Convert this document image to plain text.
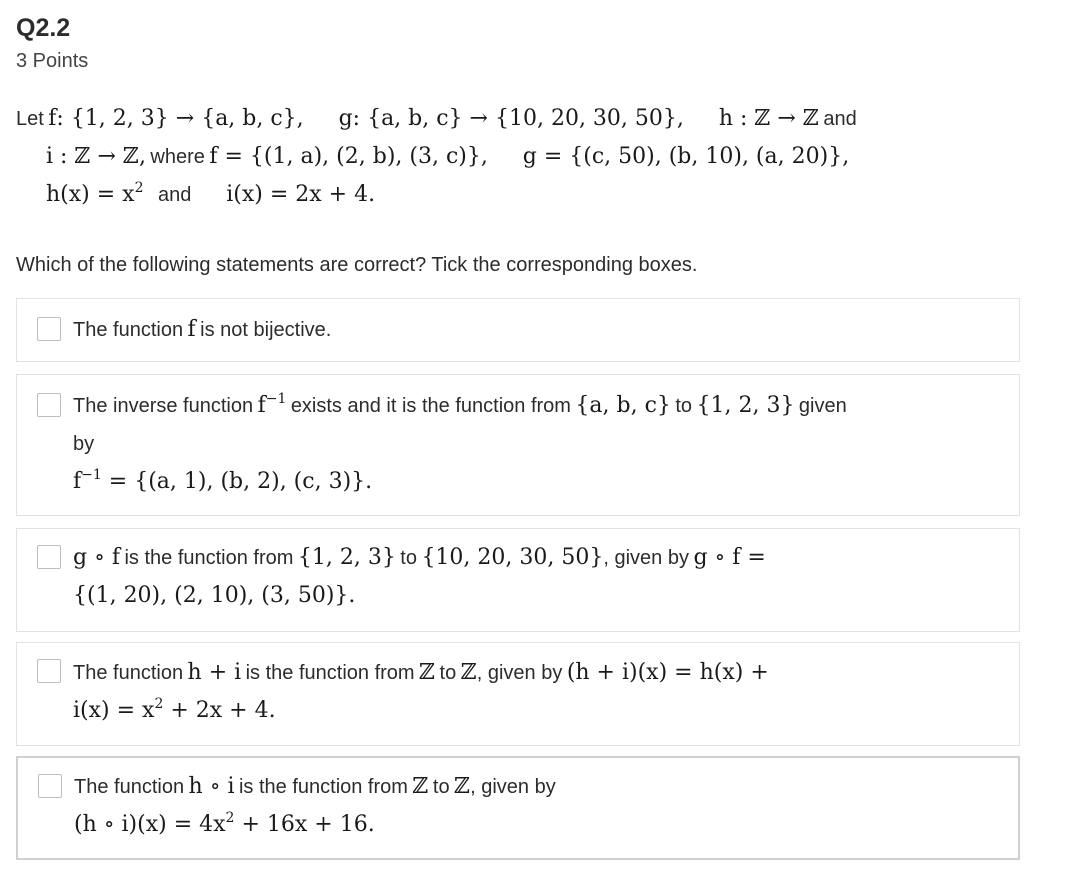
Q2.2
3 Points
Let f: {1, 2, 3} → {a, b, c}, g: {a, b, c} → {10, 20, 30, 50}, h : ℤ → ℤ and
i : ℤ → ℤ, where f = {(1, a), (2, b), (3, c)}, g = {(c, 50), (b, 10), (a, 20)},
$h(x) = x^2$ and i(x) = 2x + 4.
Which of the following statements are correct? Tick the corresponding boxes.
The function f is not bijective.
The inverse function $f^{-1}$ exists and it is the function from {a, b, c} to {1, 2, 3} given
by
$f^{-1} = \{(a$, 1), (b, 2), (c, 3)}.
g ∘ f is the function from {1, 2, 3} to {10, 20, 30, 50}, given by g ∘ f =
{(1, 20), (2, 10), (3, 50)}.
The function h + i is the function from ℤ to ℤ, given by (h + i)(x) = h(x) +
$i(x) = x^2 + 2x + 4$.
The function h ∘ i is the function from ℤ to ℤ, given by
(h ∘ $i)(x) = 4x^2 + 16x + 16$.
